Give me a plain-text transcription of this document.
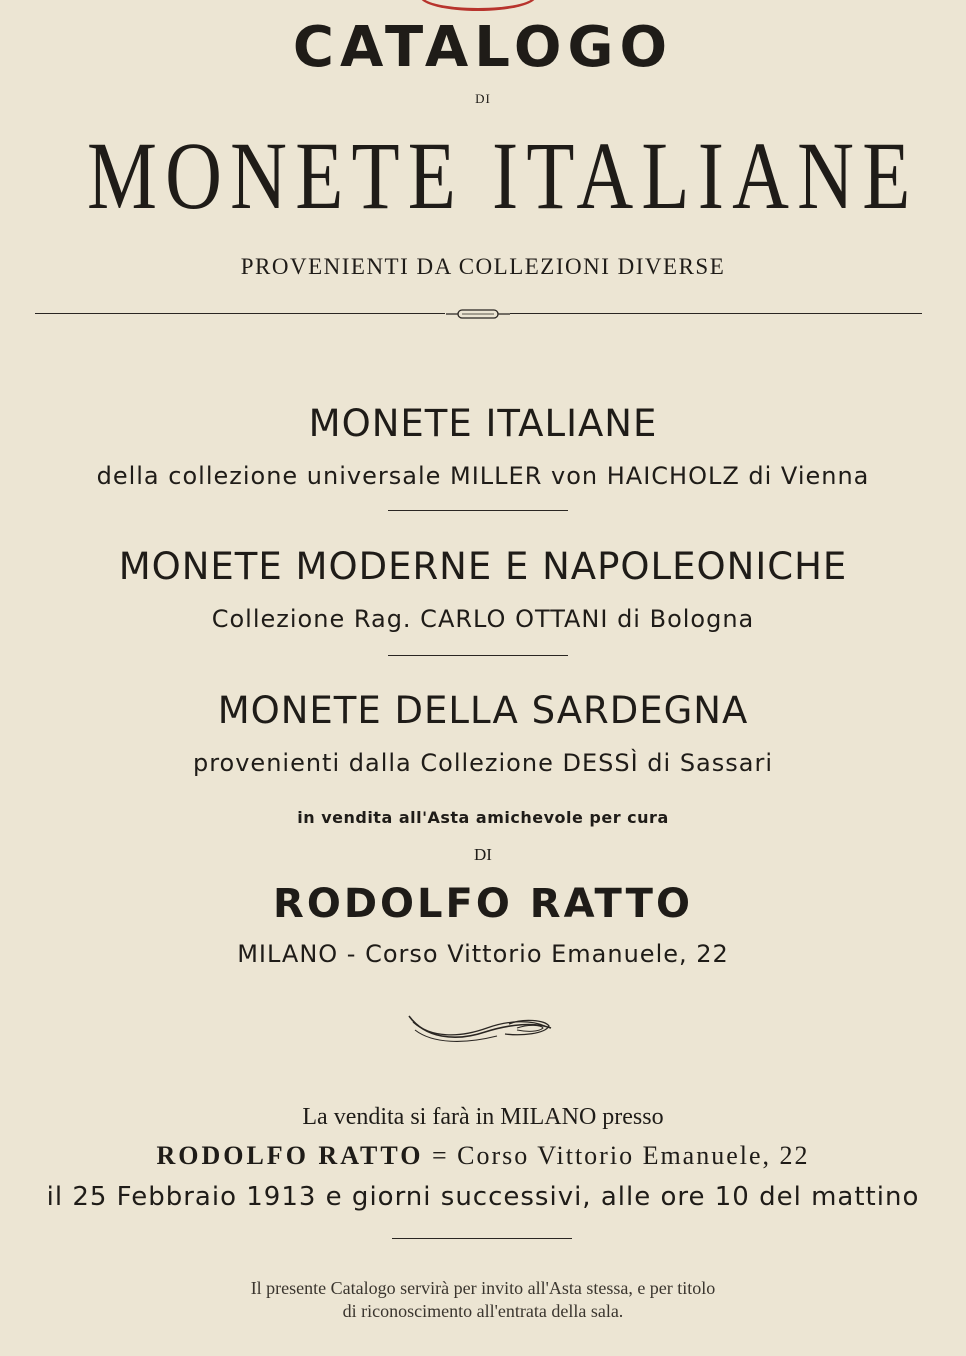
CATALOGO
DI
MONETE ITALIANE
PROVENIENTI DA COLLEZIONI DIVERSE
MONETE ITALIANE
della collezione universale MILLER von HAICHOLZ di Vienna
MONETE MODERNE E NAPOLEONICHE
Collezione Rag. CARLO OTTANI di Bologna
MONETE DELLA SARDEGNA
provenienti dalla Collezione DESSÌ di Sassari
in vendita all'Asta amichevole per cura
DI
RODOLFO RATTO
MILANO - Corso Vittorio Emanuele, 22
La vendita si farà in MILANO presso
RODOLFO RATTO = Corso Vittorio Emanuele, 22
il 25 Febbraio 1913 e giorni successivi, alle ore 10 del mattino
Il presente Catalogo servirà per invito all'Asta stessa, e per titolo
di riconoscimento all'entrata della sala.
